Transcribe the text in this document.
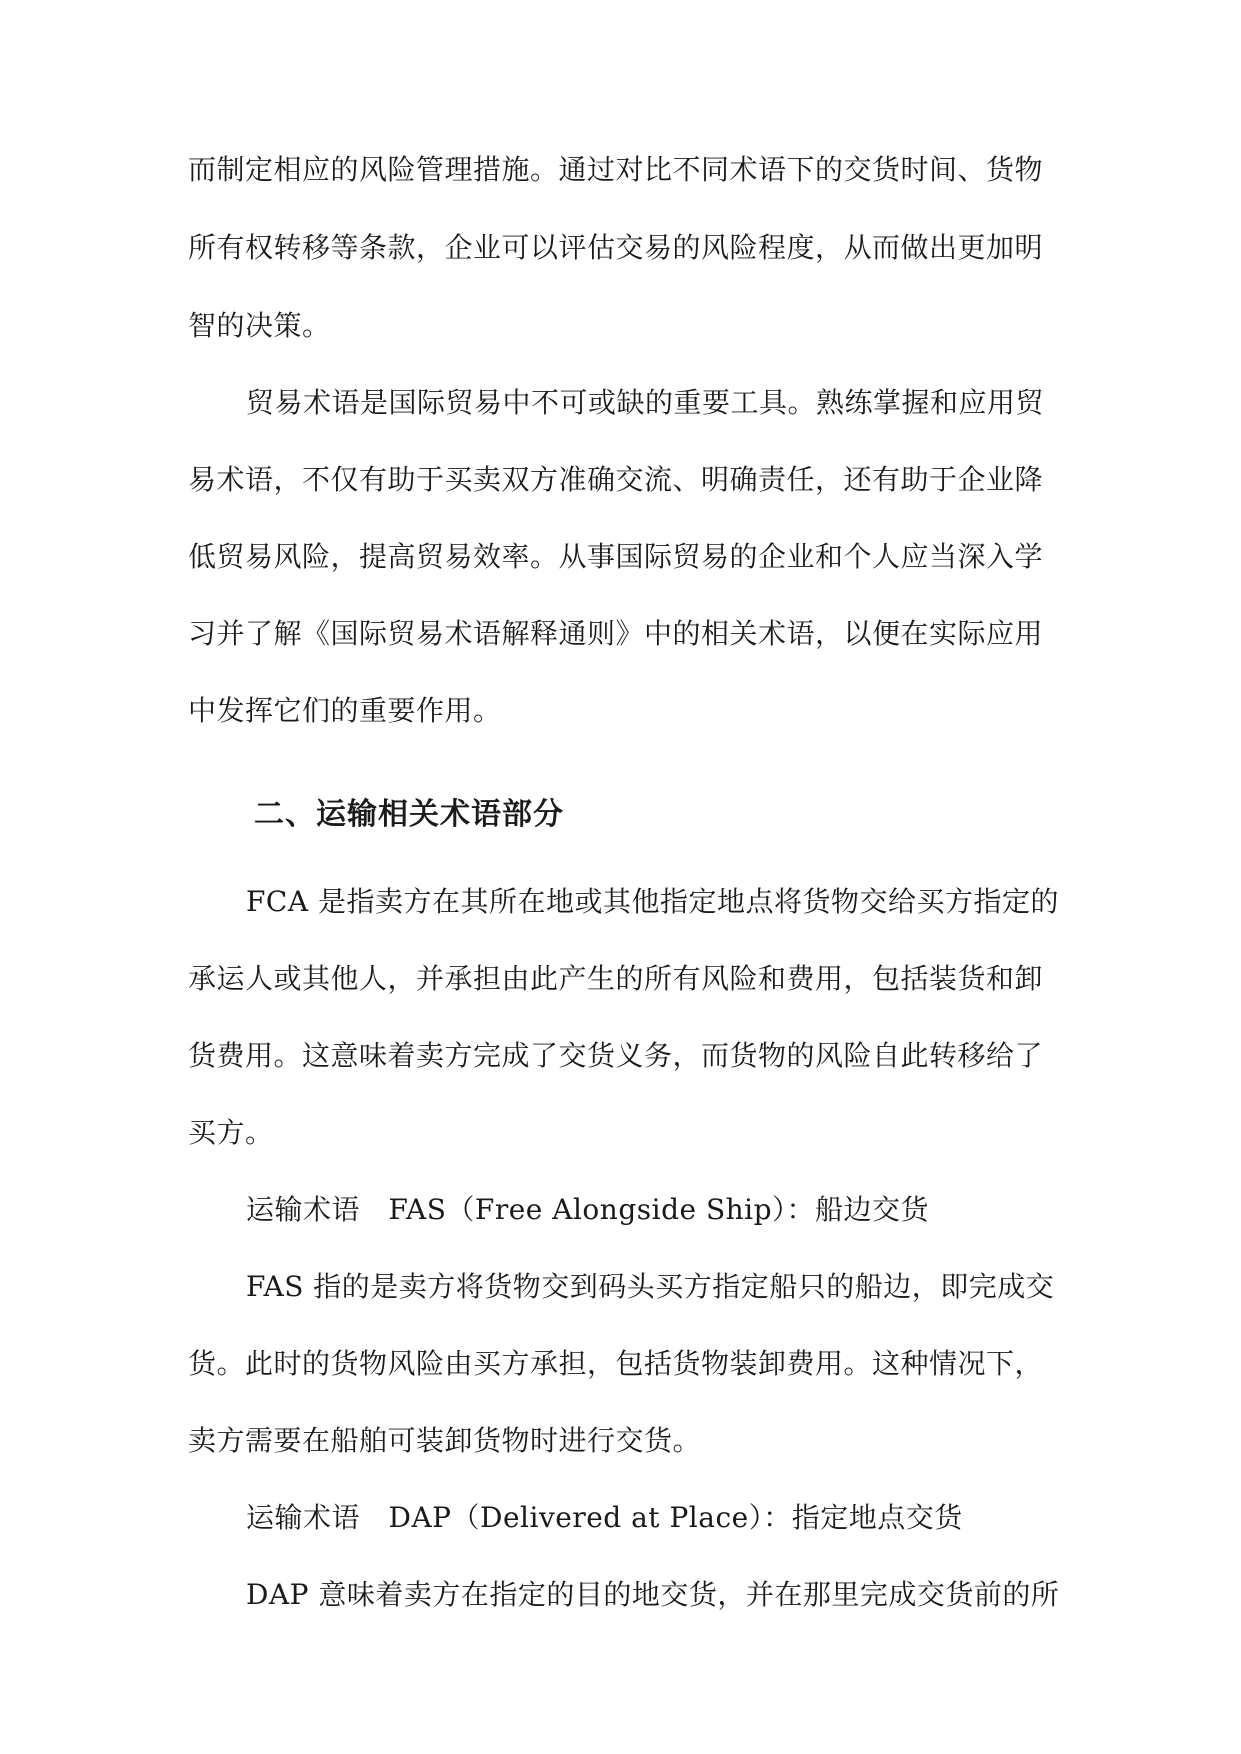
而制定相应的风险管理措施。通过对比不同术语下的交货时间、货物
所有权转移等条款，企业可以评估交易的风险程度，从而做出更加明
智的决策。
贸易术语是国际贸易中不可或缺的重要工具。熟练掌握和应用贸
易术语，不仅有助于买卖双方准确交流、明确责任，还有助于企业降
低贸易风险，提高贸易效率。从事国际贸易的企业和个人应当深入学
习并了解《国际贸易术语解释通则》中的相关术语，以便在实际应用
中发挥它们的重要作用。
二、运输相关术语部分
FCA 是指卖方在其所在地或其他指定地点将货物交给买方指定的
承运人或其他人，并承担由此产生的所有风险和费用，包括装货和卸
货费用。这意味着卖方完成了交货义务，而货物的风险自此转移给了
买方。
运输术语　FAS（Free Alongside Ship）：船边交货
FAS 指的是卖方将货物交到码头买方指定船只的船边，即完成交
货。此时的货物风险由买方承担，包括货物装卸费用。这种情况下，
卖方需要在船舶可装卸货物时进行交货。
运输术语　DAP（Delivered at Place）：指定地点交货
DAP 意味着卖方在指定的目的地交货，并在那里完成交货前的所
